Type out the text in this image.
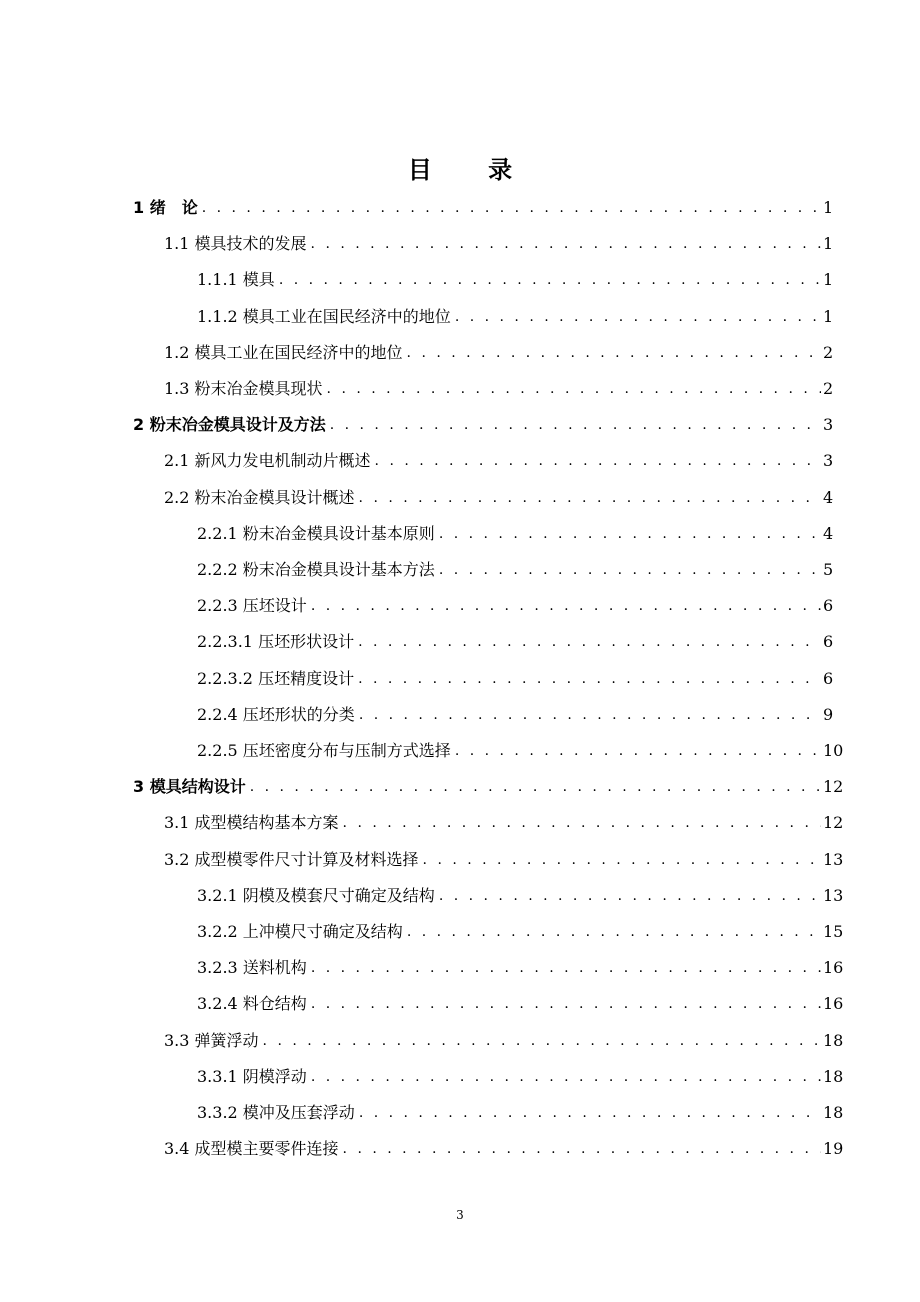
目 录
1 绪　论 . . .	1
1.1 模具技术的发展 . . .	1
1.1.1 模具 . . .	1
1.1.2 模具工业在国民经济中的地位 . . .	1
1.2 模具工业在国民经济中的地位 . . .	2
1.3 粉末冶金模具现状 . . .	2
2 粉末冶金模具设计及方法 . . .	3
2.1 新风力发电机制动片概述 . . .	3
2.2 粉末冶金模具设计概述 . . .	4
2.2.1 粉末冶金模具设计基本原则 . . .	4
2.2.2 粉末冶金模具设计基本方法 . . .	5
2.2.3 压坯设计 . . .	6
2.2.3.1 压坯形状设计 . . .	6
2.2.3.2 压坯精度设计 . . .	6
2.2.4 压坯形状的分类 . . .	9
2.2.5 压坯密度分布与压制方式选择 . . .	10
3 模具结构设计 . . .	12
3.1 成型模结构基本方案 . . .	12
3.2 成型模零件尺寸计算及材料选择 . . .	13
3.2.1 阴模及模套尺寸确定及结构 . . .	13
3.2.2 上冲模尺寸确定及结构 . . .	15
3.2.3 送料机构 . . .	16
3.2.4 料仓结构 . . .	16
3.3 弹簧浮动 . . .	18
3.3.1 阴模浮动 . . .	18
3.3.2 模冲及压套浮动 . . .	18
3.4 成型模主要零件连接 . . .	19
3
